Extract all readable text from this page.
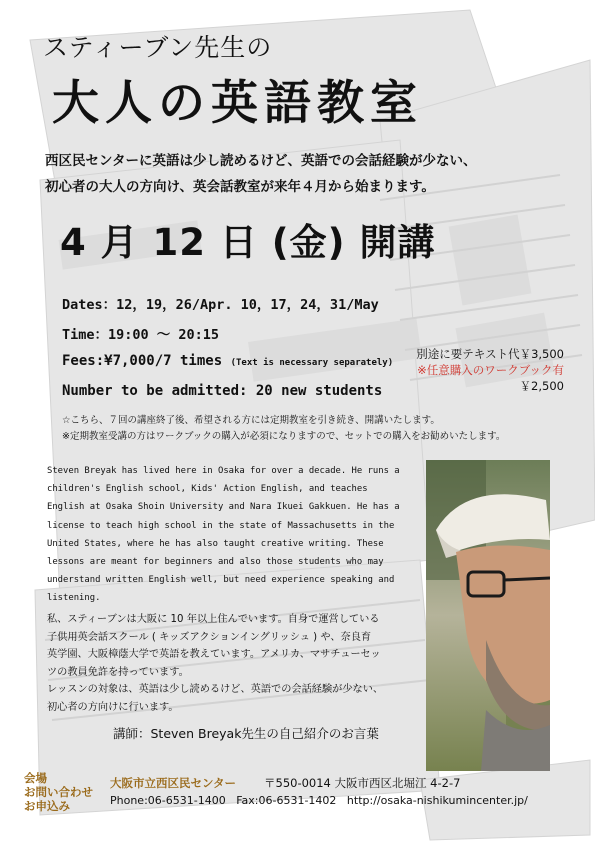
スティーブン先生の
大人の英語教室
西区民センターに英語は少し読めるけど、英語での会話経験が少ない、
初心者の大人の方向け、英会話教室が来年４月から始まります。
4 月 12 日 (金) 開講
Dates：12，19，26/Apr. 10，17，24，31/May
Time：19:00 ～ 20:15
Fees:¥7,000/7 times (Text is necessary separately)
Number to be admitted: 20 new students
別途に要テキスト代￥3,500
※任意購入のワークブック有
￥2,500
☆こちら、７回の講座終了後、希望される方には定期教室を引き続き、開講いたします。
※定期教室受講の方はワークブックの購入が必須になりますので、セットでの購入をお勧めいたします。
Steven Breyak has lived here in Osaka for over a decade. He runs a children's English school, Kids' Action English, and teaches English at Osaka Shoin University and Nara Ikuei Gakkuen. He has a license to teach high school in the state of Massachusetts in the United States, where he has also taught creative writing. These lessons are meant for beginners and also those students who may understand written English well, but need experience speaking and listening.
私、スティーブンは大阪に 10 年以上住んでいます。自身で運営している
子供用英会話スクール ( キッズアクションイングリッシュ ) や、奈良育
英学園、大阪樟蔭大学で英語を教えています。アメリカ、マサチューセッ
ツの教員免許を持っています。
レッスンの対象は、英語は少し読めるけど、英語での会話経験が少ない、
初心者の方向けに行います。
講師：Steven Breyak先生の自己紹介のお言葉
会場
お問い合わせ
お申込み
大阪市立西区民センター 〒550-0014 大阪市西区北堀江 4-2-7
Phone:06-6531-1400 Fax:06-6531-1402 http://osaka-nishikumincenter.jp/
